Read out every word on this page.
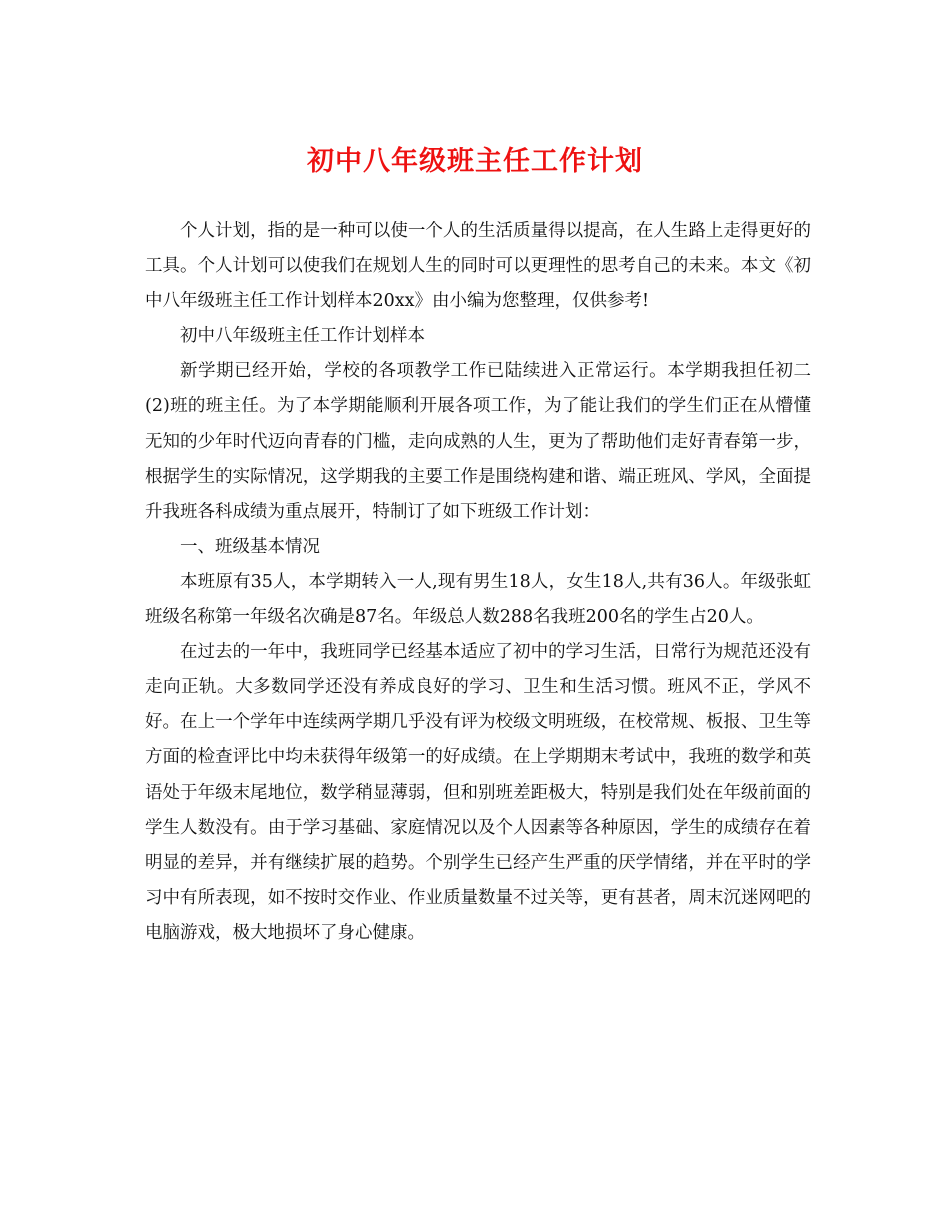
初中八年级班主任工作计划

个人计划，指的是一种可以使一个人的生活质量得以提高，在人生路上走得更好的工具。个人计划可以使我们在规划人生的同时可以更理性的思考自己的未来。本文《初中八年级班主任工作计划样本20xx》由小编为您整理，仅供参考!

初中八年级班主任工作计划样本

新学期已经开始，学校的各项教学工作已陆续进入正常运行。本学期我担任初二(2)班的班主任。为了本学期能顺利开展各项工作，为了能让我们的学生们正在从懵懂无知的少年时代迈向青春的门槛，走向成熟的人生，更为了帮助他们走好青春第一步，根据学生的实际情况，这学期我的主要工作是围绕构建和谐、端正班风、学风，全面提升我班各科成绩为重点展开，特制订了如下班级工作计划：

一、班级基本情况

本班原有35人，本学期转入一人,现有男生18人，女生18人,共有36人。年级张虹班级名称第一年级名次确是87名。年级总人数288名我班200名的学生占20人。

在过去的一年中，我班同学已经基本适应了初中的学习生活，日常行为规范还没有走向正轨。大多数同学还没有养成良好的学习、卫生和生活习惯。班风不正，学风不好。在上一个学年中连续两学期几乎没有评为校级文明班级，在校常规、板报、卫生等方面的检查评比中均未获得年级第一的好成绩。在上学期期末考试中，我班的数学和英语处于年级末尾地位，数学稍显薄弱，但和别班差距极大，特别是我们处在年级前面的学生人数没有。由于学习基础、家庭情况以及个人因素等各种原因，学生的成绩存在着明显的差异，并有继续扩展的趋势。个别学生已经产生严重的厌学情绪，并在平时的学习中有所表现，如不按时交作业、作业质量数量不过关等，更有甚者，周末沉迷网吧的电脑游戏，极大地损坏了身心健康。
